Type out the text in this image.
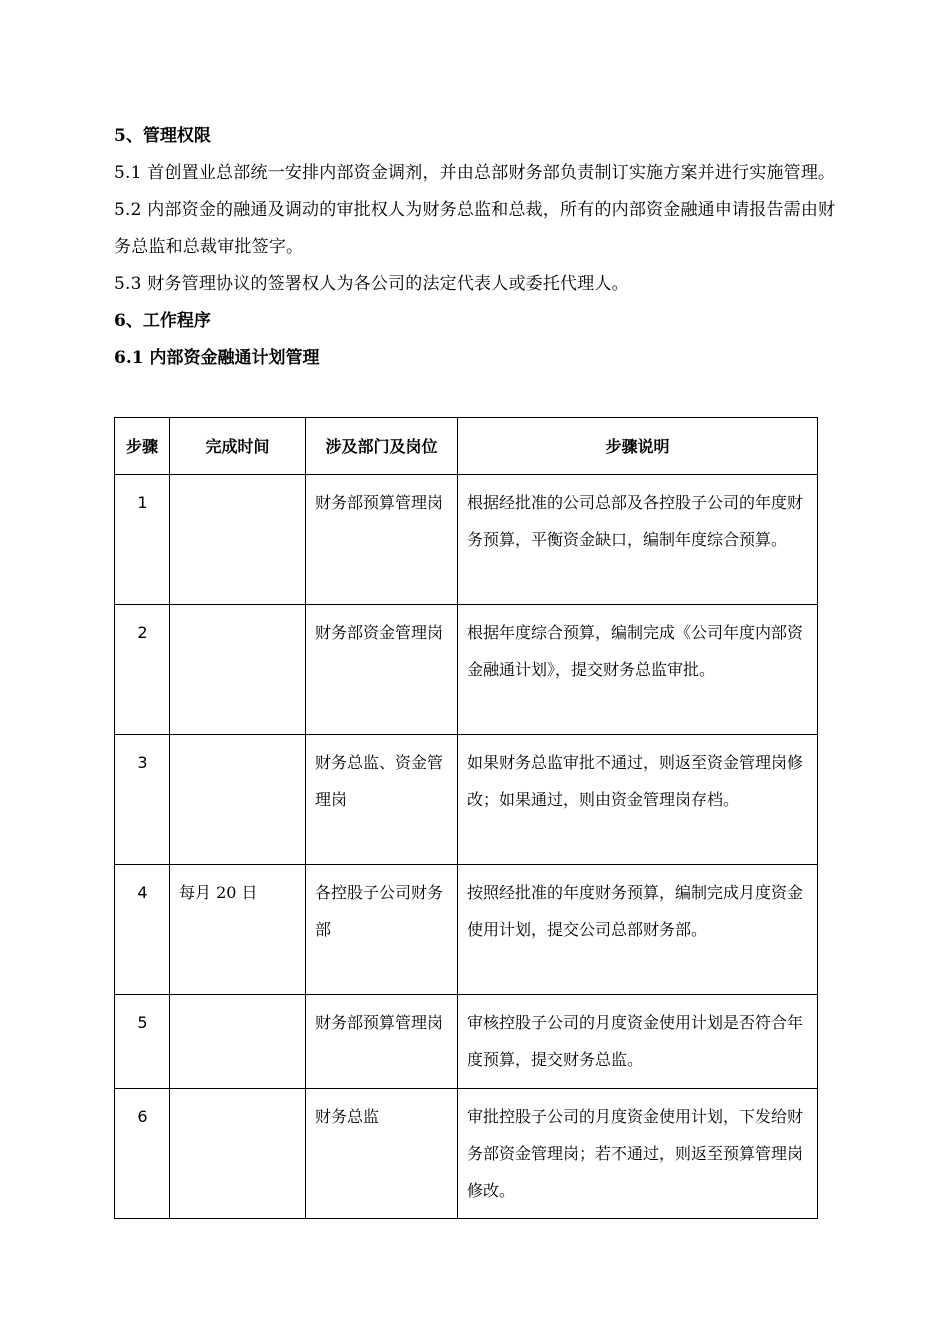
5、管理权限

5.1 首创置业总部统一安排内部资金调剂，并由总部财务部负责制订实施方案并进行实施管理。

5.2 内部资金的融通及调动的审批权人为财务总监和总裁，所有的内部资金融通申请报告需由财务总监和总裁审批签字。

5.3 财务管理协议的签署权人为各公司的法定代表人或委托代理人。

6、工作程序

6.1 内部资金融通计划管理

步骤	完成时间	涉及部门及岗位	步骤说明
1		财务部预算管理岗	根据经批准的公司总部及各控股子公司的年度财务预算，平衡资金缺口，编制年度综合预算。
2		财务部资金管理岗	根据年度综合预算，编制完成《公司年度内部资金融通计划》，提交财务总监审批。
3		财务总监、资金管理岗	如果财务总监审批不通过，则返至资金管理岗修改；如果通过，则由资金管理岗存档。
4	每月 20 日	各控股子公司财务部	按照经批准的年度财务预算，编制完成月度资金使用计划，提交公司总部财务部。
5		财务部预算管理岗	审核控股子公司的月度资金使用计划是否符合年度预算，提交财务总监。
6		财务总监	审批控股子公司的月度资金使用计划，下发给财务部资金管理岗；若不通过，则返至预算管理岗修改。
